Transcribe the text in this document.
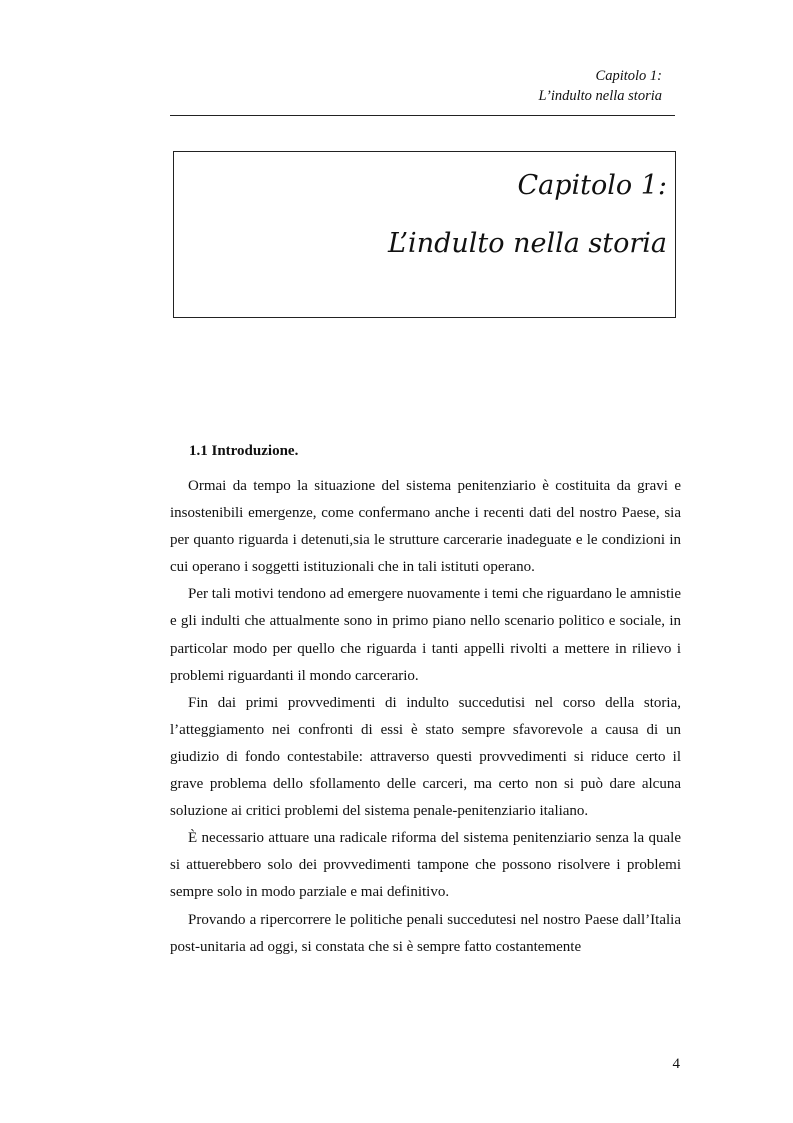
Capitolo 1:
L’indulto nella storia
Capitolo 1:
L’indulto nella storia
1.1 Introduzione.

Ormai da tempo la situazione del sistema penitenziario è costituita da gravi e insostenibili emergenze, come confermano anche i recenti dati del nostro Paese, sia per quanto riguarda i detenuti,sia le strutture carcerarie inadeguate e le condizioni in cui operano i soggetti istituzionali che in tali istituti operano.

Per tali motivi tendono ad emergere nuovamente i temi che riguardano le amnistie e gli indulti che attualmente sono in primo piano nello scenario politico e sociale, in particolar modo per quello che riguarda i tanti appelli rivolti a mettere in rilievo i problemi riguardanti il mondo carcerario.

Fin dai primi provvedimenti di indulto succedutisi nel corso della storia, l’atteggiamento nei confronti di essi è stato sempre sfavorevole a causa di un giudizio di fondo contestabile: attraverso questi provvedimenti si riduce certo il grave problema dello sfollamento delle carceri, ma certo non si può dare alcuna soluzione ai critici problemi del sistema penale-penitenziario italiano.

È necessario attuare una radicale riforma del sistema penitenziario senza la quale si attuerebbero solo dei provvedimenti tampone che possono risolvere i problemi sempre solo in modo parziale e mai definitivo.

Provando a ripercorrere le politiche penali succedutesi nel nostro Paese dall’Italia post-unitaria ad oggi, si constata che si è sempre fatto costantemente

4
